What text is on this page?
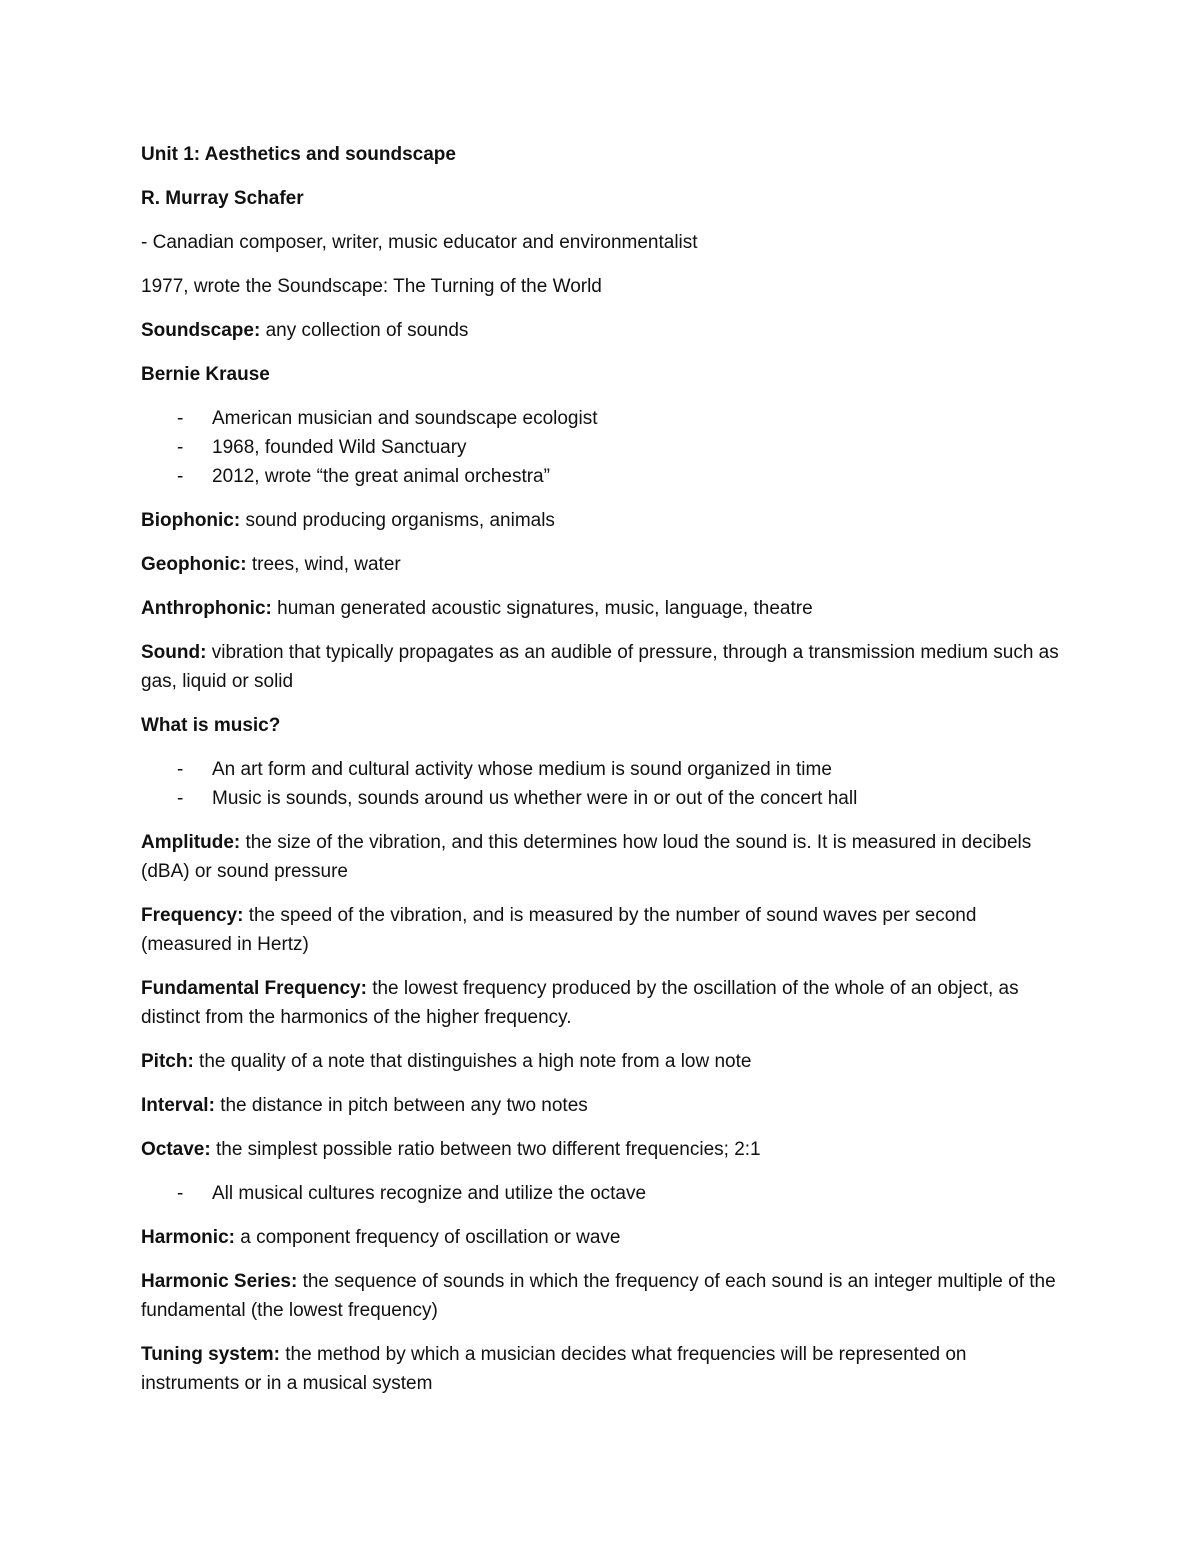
Unit 1: Aesthetics and soundscape

R. Murray Schafer

- Canadian composer, writer, music educator and environmentalist

1977, wrote the Soundscape: The Turning of the World

Soundscape: any collection of sounds

Bernie Krause

- American musician and soundscape ecologist
- 1968, founded Wild Sanctuary
- 2012, wrote “the great animal orchestra”

Biophonic: sound producing organisms, animals

Geophonic: trees, wind, water

Anthrophonic: human generated acoustic signatures, music, language, theatre

Sound: vibration that typically propagates as an audible of pressure, through a transmission medium such as gas, liquid or solid

What is music?

- An art form and cultural activity whose medium is sound organized in time
- Music is sounds, sounds around us whether were in or out of the concert hall

Amplitude: the size of the vibration, and this determines how loud the sound is. It is measured in decibels (dBA) or sound pressure

Frequency: the speed of the vibration, and is measured by the number of sound waves per second (measured in Hertz)

Fundamental Frequency: the lowest frequency produced by the oscillation of the whole of an object, as distinct from the harmonics of the higher frequency.

Pitch: the quality of a note that distinguishes a high note from a low note

Interval: the distance in pitch between any two notes

Octave: the simplest possible ratio between two different frequencies; 2:1

- All musical cultures recognize and utilize the octave

Harmonic: a component frequency of oscillation or wave

Harmonic Series: the sequence of sounds in which the frequency of each sound is an integer multiple of the fundamental (the lowest frequency)

Tuning system: the method by which a musician decides what frequencies will be represented on instruments or in a musical system
